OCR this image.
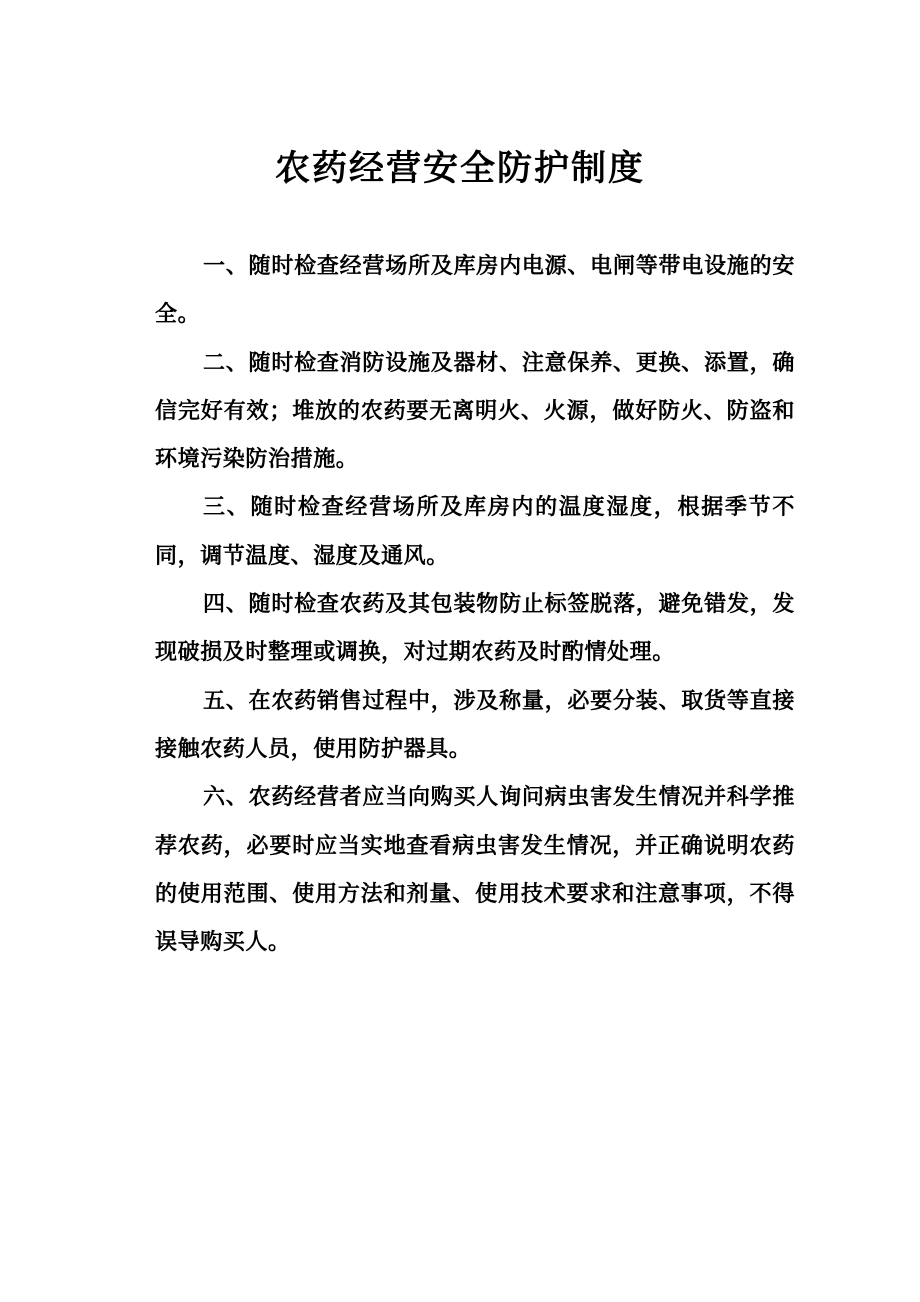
农药经营安全防护制度

一、随时检查经营场所及库房内电源、电闸等带电设施的安全。

二、随时检查消防设施及器材、注意保养、更换、添置，确信完好有效；堆放的农药要无离明火、火源，做好防火、防盗和环境污染防治措施。

三、随时检查经营场所及库房内的温度湿度，根据季节不同，调节温度、湿度及通风。

四、随时检查农药及其包装物防止标签脱落，避免错发，发现破损及时整理或调换，对过期农药及时酌情处理。

五、在农药销售过程中，涉及称量，必要分装、取货等直接接触农药人员，使用防护器具。

六、农药经营者应当向购买人询问病虫害发生情况并科学推荐农药，必要时应当实地查看病虫害发生情况，并正确说明农药的使用范围、使用方法和剂量、使用技术要求和注意事项，不得误导购买人。
